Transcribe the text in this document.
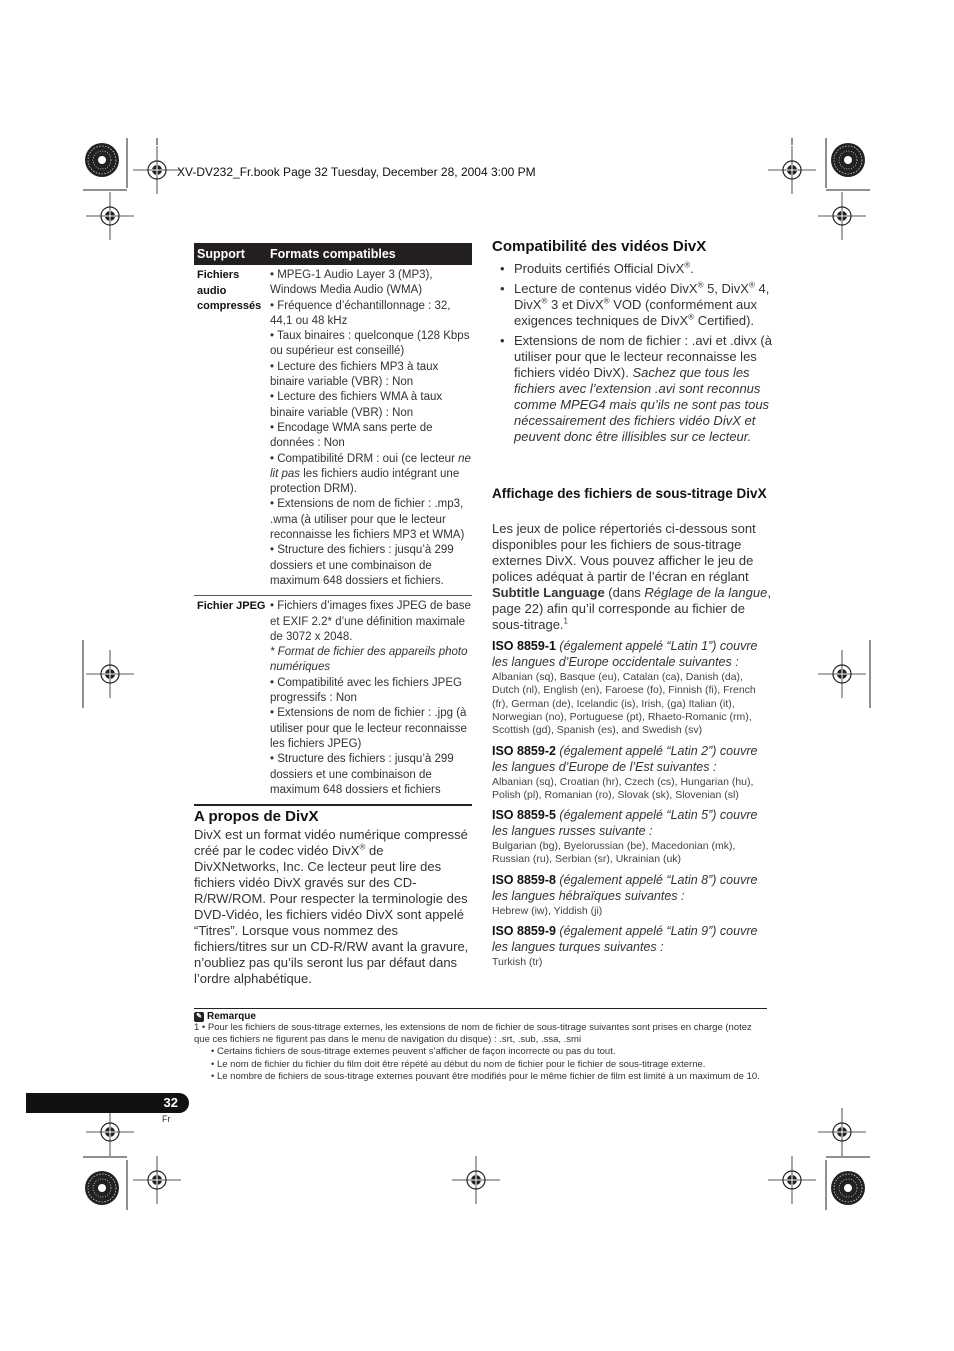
XV-DV232_Fr.book Page 32 Tuesday, December 28, 2004 3:00 PM
Support	Formats compatibles
Fichiers audio compressés

• MPEG-1 Audio Layer 3 (MP3), Windows Media Audio (WMA)

• Fréquence d’échantillonnage : 32, 44,1 ou 48 kHz

• Taux binaires : quelconque (128 Kbps ou supérieur est conseillé)

• Lecture des fichiers MP3 à taux binaire variable (VBR) : Non

• Lecture des fichiers WMA à taux binaire variable (VBR) : Non

• Encodage WMA sans perte de données : Non

• Compatibilité DRM : oui (ce lecteur ne lit pas les fichiers audio intégrant une protection DRM).

• Extensions de nom de fichier : .mp3, .wma (à utiliser pour que le lecteur reconnaisse les fichiers MP3 et WMA)

• Structure des fichiers : jusqu’à 299 dossiers et une combinaison de maximum 648 dossiers et fichiers.

Fichier JPEG • Fichiers d’images fixes JPEG de base et EXIF 2.2* d’une définition maximale de 3072 x 2048.

* Format de fichier des appareils photo numériques

• Compatibilité avec les fichiers JPEG progressifs : Non

• Extensions de nom de fichier : .jpg (à utiliser pour que le lecteur reconnaisse les fichiers JPEG)

• Structure des fichiers : jusqu’à 299 dossiers et une combinaison de maximum 648 dossiers et fichiers

A propos de DivX

DivX est un format vidéo numérique compressé créé par le codec vidéo DivX® de DivXNetworks, Inc. Ce lecteur peut lire des fichiers vidéo DivX gravés sur des CD-R/RW/ROM. Pour respecter la terminologie des DVD-Vidéo, les fichiers vidéo DivX sont appelé “Titres”. Lorsque vous nommez des fichiers/titres sur un CD-R/RW avant la gravure, n’oubliez pas qu’ils seront lus par défaut dans l’ordre alphabétique.

Compatibilité des vidéos DivX
• Produits certifiés Official DivX®.
• Lecture de contenus vidéo DivX® 5, DivX® 4, DivX® 3 et DivX® VOD (conformément aux exigences techniques de DivX® Certified).
• Extensions de nom de fichier : .avi et .divx (à utiliser pour que le lecteur reconnaisse les fichiers vidéo DivX). Sachez que tous les fichiers avec l’extension .avi sont reconnus comme MPEG4 mais qu’ils ne sont pas tous nécessairement des fichiers vidéo DivX et peuvent donc être illisibles sur ce lecteur.
Affichage des fichiers de sous-titrage DivX

Les jeux de police répertoriés ci-dessous sont disponibles pour les fichiers de sous-titrage externes DivX. Vous pouvez afficher le jeu de polices adéquat à partir de l’écran en réglant Subtitle Language (dans Réglage de la langue, page 22) afin qu’il corresponde au fichier de sous-titrage.$^1$

ISO 8859-1 (également appelé “Latin 1”) couvre les langues d’Europe occidentale suivantes :
Albanian (sq), Basque (eu), Catalan (ca), Danish (da), Dutch (nl), English (en), Faroese (fo), Finnish (fi), French (fr), German (de), Icelandic (is), Irish, (ga) Italian (it), Norwegian (no), Portuguese (pt), Rhaeto-Romanic (rm), Scottish (gd), Spanish (es), and Swedish (sv)
ISO 8859-2 (également appelé “Latin 2”) couvre les langues d’Europe de l’Est suivantes :
Albanian (sq), Croatian (hr), Czech (cs), Hungarian (hu), Polish (pl), Romanian (ro), Slovak (sk), Slovenian (sl)
ISO 8859-5 (également appelé “Latin 5”) couvre les langues russes suivante :
Bulgarian (bg), Byelorussian (be), Macedonian (mk), Russian (ru), Serbian (sr), Ukrainian (uk)
ISO 8859-8 (également appelé “Latin 8”) couvre les langues hébraïques suivantes :
Hebrew (iw), Yiddish (ji)
ISO 8859-9 (également appelé “Latin 9”) couvre les langues turques suivantes :
Turkish (tr)
✎ Remarque

1 • Pour les fichiers de sous-titrage externes, les extensions de nom de fichier de sous-titrage suivantes sont prises en charge (notez que ces fichiers ne figurent pas dans le menu de navigation du disque) : .srt, .sub, .ssa, .smi

• Certains fichiers de sous-titrage externes peuvent s’afficher de façon incorrecte ou pas du tout.

• Le nom de fichier du fichier du film doit être répété au début du nom de fichier pour le fichier de sous-titrage externe.

• Le nombre de fichiers de sous-titrage externes pouvant être modifiés pour le même fichier de film est limité à un maximum de 10.

32
Fr
